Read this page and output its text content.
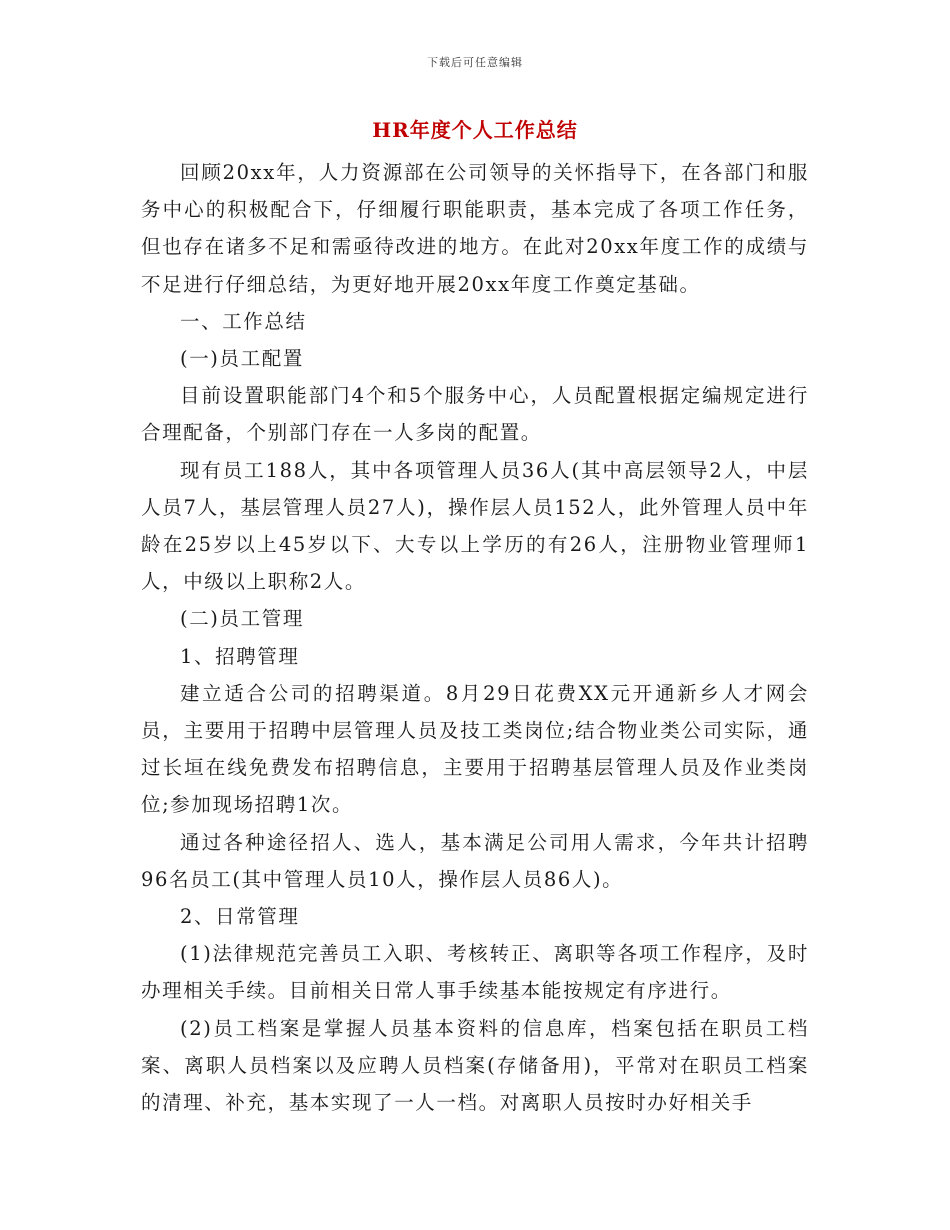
下载后可任意编辑
HR年度个人工作总结

回顾20xx年，人力资源部在公司领导的关怀指导下，在各部门和服务中心的积极配合下，仔细履行职能职责，基本完成了各项工作任务，但也存在诸多不足和需亟待改进的地方。在此对20xx年度工作的成绩与不足进行仔细总结，为更好地开展20xx年度工作奠定基础。

一、工作总结

(一)员工配置

目前设置职能部门4个和5个服务中心，人员配置根据定编规定进行合理配备，个别部门存在一人多岗的配置。

现有员工188人，其中各项管理人员36人(其中高层领导2人，中层人员7人，基层管理人员27人)，操作层人员152人，此外管理人员中年龄在25岁以上45岁以下、大专以上学历的有26人，注册物业管理师1人，中级以上职称2人。

(二)员工管理

1、招聘管理

建立适合公司的招聘渠道。8月29日花费XX元开通新乡人才网会员，主要用于招聘中层管理人员及技工类岗位;结合物业类公司实际，通过长垣在线免费发布招聘信息，主要用于招聘基层管理人员及作业类岗位;参加现场招聘1次。

通过各种途径招人、选人，基本满足公司用人需求，今年共计招聘96名员工(其中管理人员10人，操作层人员86人)。

2、日常管理

(1)法律规范完善员工入职、考核转正、离职等各项工作程序，及时办理相关手续。目前相关日常人事手续基本能按规定有序进行。

(2)员工档案是掌握人员基本资料的信息库，档案包括在职员工档案、离职人员档案以及应聘人员档案(存储备用)，平常对在职员工档案的清理、补充，基本实现了一人一档。对离职人员按时办好相关手
